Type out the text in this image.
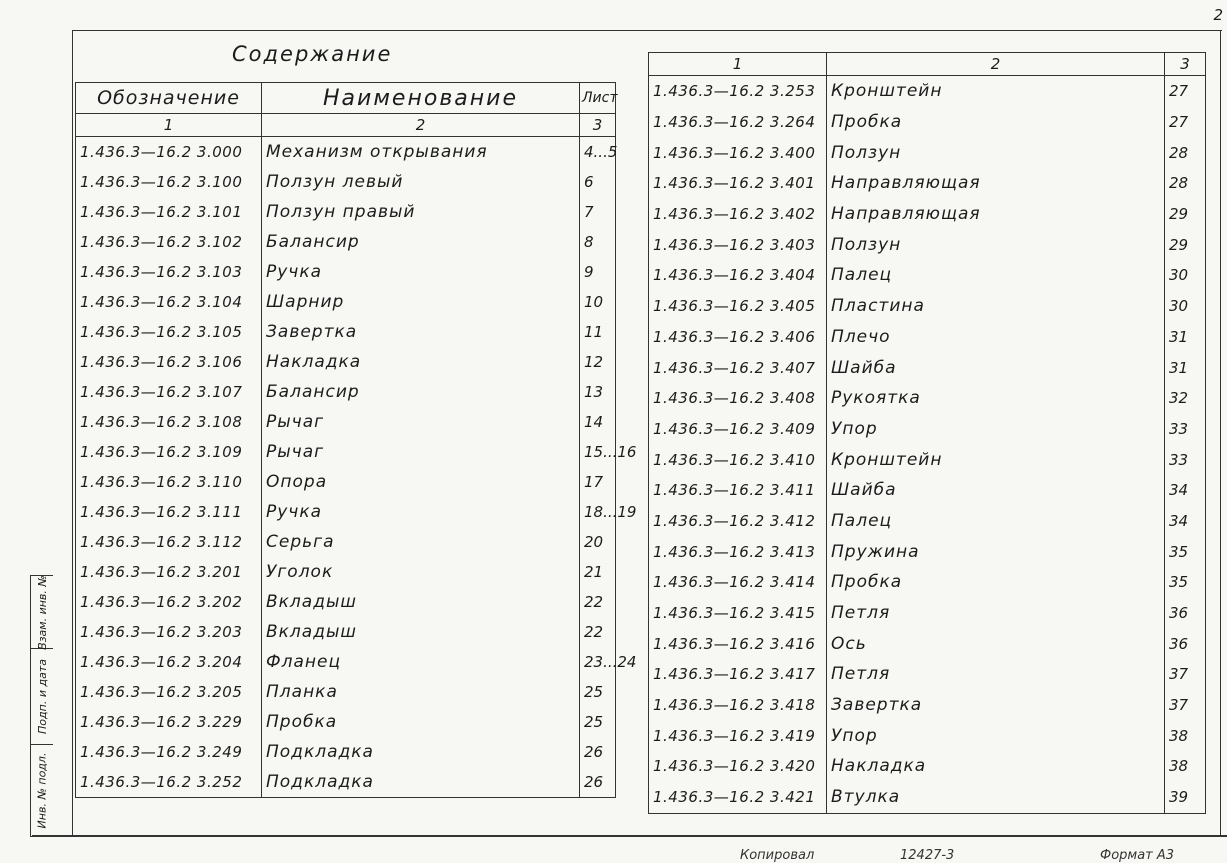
2
Содержание
Обозначение	Наименование	Лист
1	2	3
1.436.3—16.2 3.000	Механизм открывания	4...5
1.436.3—16.2 3.100	Ползун левый	6
1.436.3—16.2 3.101	Ползун правый	7
1.436.3—16.2 3.102	Балансир	8
1.436.3—16.2 3.103	Ручка	9
1.436.3—16.2 3.104	Шарнир	10
1.436.3—16.2 3.105	Завертка	11
1.436.3—16.2 3.106	Накладка	12
1.436.3—16.2 3.107	Балансир	13
1.436.3—16.2 3.108	Рычаг	14
1.436.3—16.2 3.109	Рычаг	15...16
1.436.3—16.2 3.110	Опора	17
1.436.3—16.2 3.111	Ручка	18...19
1.436.3—16.2 3.112	Серьга	20
1.436.3—16.2 3.201	Уголок	21
1.436.3—16.2 3.202	Вкладыш	22
1.436.3—16.2 3.203	Вкладыш	22
1.436.3—16.2 3.204	Фланец	23...24
1.436.3—16.2 3.205	Планка	25
1.436.3—16.2 3.229	Пробка	25
1.436.3—16.2 3.249	Подкладка	26
1.436.3—16.2 3.252	Подкладка	26
1	2	3
1.436.3—16.2 3.253	Кронштейн	27
1.436.3—16.2 3.264	Пробка	27
1.436.3—16.2 3.400	Ползун	28
1.436.3—16.2 3.401	Направляющая	28
1.436.3—16.2 3.402	Направляющая	29
1.436.3—16.2 3.403	Ползун	29
1.436.3—16.2 3.404	Палец	30
1.436.3—16.2 3.405	Пластина	30
1.436.3—16.2 3.406	Плечо	31
1.436.3—16.2 3.407	Шайба	31
1.436.3—16.2 3.408	Рукоятка	32
1.436.3—16.2 3.409	Упор	33
1.436.3—16.2 3.410	Кронштейн	33
1.436.3—16.2 3.411	Шайба	34
1.436.3—16.2 3.412	Палец	34
1.436.3—16.2 3.413	Пружина	35
1.436.3—16.2 3.414	Пробка	35
1.436.3—16.2 3.415	Петля	36
1.436.3—16.2 3.416	Ось	36
1.436.3—16.2 3.417	Петля	37
1.436.3—16.2 3.418	Завертка	37
1.436.3—16.2 3.419	Упор	38
1.436.3—16.2 3.420	Накладка	38
1.436.3—16.2 3.421	Втулка	39
Взам. инв. №
Подп. и дата
Инв. № подл.
Копировал	12427-3	Формат А3
